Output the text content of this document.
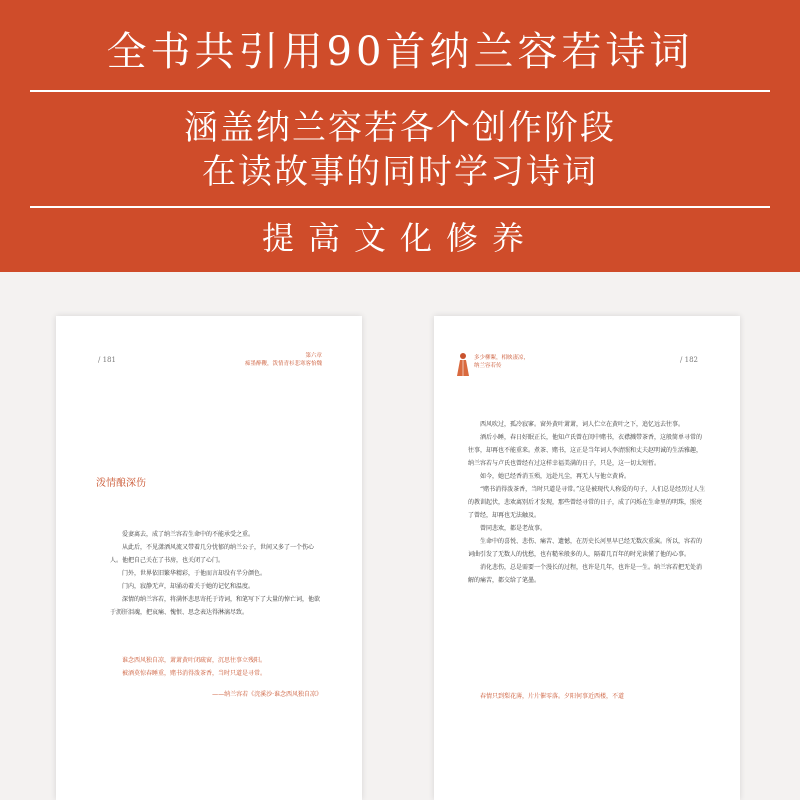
全书共引用90首纳兰容若诗词
涵盖纳兰容若各个创作阶段
在读故事的同时学习诗词
提高文化修养
/ 181	第六章
痴墨醉鞭，泼情青衫悲寒客怡魏
泼情酿深伤

爱妻离去，成了纳兰容若生命中的不能承受之重。

从此后，不见潇洒风流又带着几分忧郁的纳兰公子，世间又多了一个伤心人。他把自己关在了书房，也关闭了心门。

门外，世界依旧繁华精彩，于他而言却没有半分颜色。

门内，寂静无声，却涌动着关于她的记忆和温度。

深情的纳兰容若，将满怀悲思寄托于诗词，和笔写下了大量的悼亡词，他欲于沥肝泪魂，把哀痛、愧恨、思念表达得淋漓尽致。

谁念西风独自凉，萧萧黄叶闭疏窗，沉思往事立残阳。

被酒莫惊春睡重，赌书消得泼茶香，当时只道是寻常。

——纳兰容若《浣溪沙·谁念西风独自凉》
多少柳絮，相映凄凉，
纳兰容若传
/ 182

西风吹过，孤冷寂寥。窗外黄叶萧萧，词人伫立在黄叶之下，追忆远去往事。

酒后小睡，春日好眠正长，他知卢氏曾在闺中赌书，衣襟溅带茶香，这般简单寻常的往事，却再也不能重来。煮茶、赌书，这正是当年词人李清照和丈夫赵明诚的生活雅趣，纳兰容若与卢氏也曾经有过这样幸福美满的日子，只是，这一切太短暂。

如今，她已经香消玉殒，远赴凡尘，再无人与他立黄昏。

“赌书消得泼茶香，当时只道是寻常。”这是被现代人称爱的句子，人们总是经历过人生的教训起伏，悲欢离别后才发现，那些曾经寻常的日子，成了闪烁在生命里的明珠，照亮了曾经，却再也无法触及。

曾同悲欢，都是老故事。

生命中的喜悦、悲伤、痛苦、遗憾，在历史长河里早已经无数次重演。所以，容若的词曲引发了无数人的忧愁，也有糙米般多的人，隔着几百年的时光读懂了他的心事。

消化悲伤，总是需要一个漫长的过程，也许是几年，也许是一生。纳兰容若把无处消解的痛苦，都交给了笔墨。

春情只到梨花薄，片片催零落。夕阳何事近西楼，不道
